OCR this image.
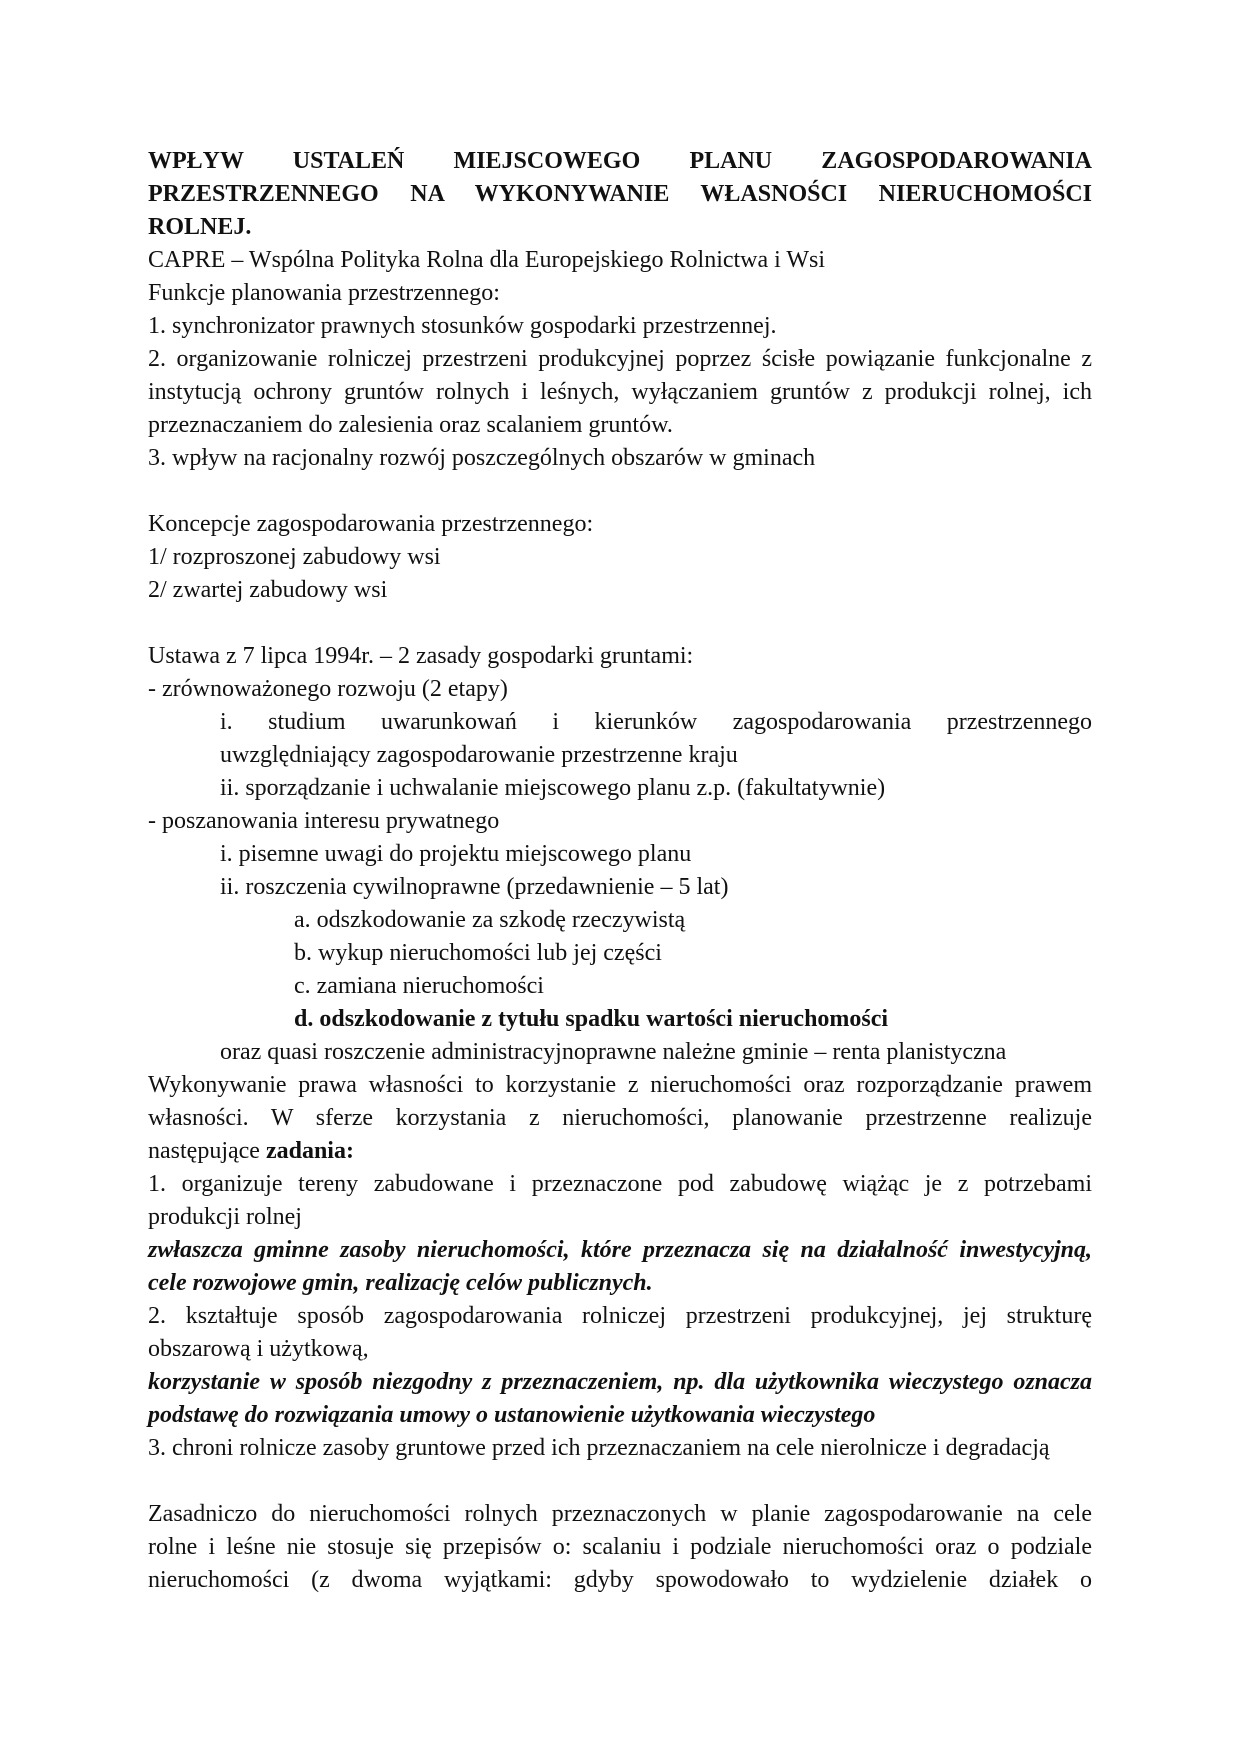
WPŁYW USTALEŃ MIEJSCOWEGO PLANU ZAGOSPODAROWANIA
PRZESTRZENNEGO NA WYKONYWANIE WŁASNOŚCI NIERUCHOMOŚCI
ROLNEJ.
CAPRE – Wspólna Polityka Rolna dla Europejskiego Rolnictwa i Wsi
Funkcje planowania przestrzennego:
1. synchronizator prawnych stosunków gospodarki przestrzennej.
2. organizowanie rolniczej przestrzeni produkcyjnej poprzez ścisłe powiązanie funkcjonalne z
instytucją ochrony gruntów rolnych i leśnych, wyłączaniem gruntów z produkcji rolnej, ich
przeznaczaniem do zalesienia oraz scalaniem gruntów.
3. wpływ na racjonalny rozwój poszczególnych obszarów w gminach
Koncepcje zagospodarowania przestrzennego:
1/ rozproszonej zabudowy wsi
2/ zwartej zabudowy wsi
Ustawa z 7 lipca 1994r. – 2 zasady gospodarki gruntami:
- zrównoważonego rozwoju (2 etapy)
i. studium uwarunkowań i kierunków zagospodarowania przestrzennego
uwzględniający zagospodarowanie przestrzenne kraju
ii. sporządzanie i uchwalanie miejscowego planu z.p. (fakultatywnie)
- poszanowania interesu prywatnego
i. pisemne uwagi do projektu miejscowego planu
ii. roszczenia cywilnoprawne (przedawnienie – 5 lat)
a. odszkodowanie za szkodę rzeczywistą
b. wykup nieruchomości lub jej części
c. zamiana nieruchomości
d. odszkodowanie z tytułu spadku wartości nieruchomości
oraz quasi roszczenie administracyjnoprawne należne gminie – renta planistyczna
Wykonywanie prawa własności to korzystanie z nieruchomości oraz rozporządzanie prawem
własności. W sferze korzystania z nieruchomości, planowanie przestrzenne realizuje
następujące zadania:
1. organizuje tereny zabudowane i przeznaczone pod zabudowę wiążąc je z potrzebami
produkcji rolnej
zwłaszcza gminne zasoby nieruchomości, które przeznacza się na działalność inwestycyjną,
cele rozwojowe gmin, realizację celów publicznych.
2. kształtuje sposób zagospodarowania rolniczej przestrzeni produkcyjnej, jej strukturę
obszarową i użytkową,
korzystanie w sposób niezgodny z przeznaczeniem, np. dla użytkownika wieczystego oznacza
podstawę do rozwiązania umowy o ustanowienie użytkowania wieczystego
3. chroni rolnicze zasoby gruntowe przed ich przeznaczaniem na cele nierolnicze i degradacją
Zasadniczo do nieruchomości rolnych przeznaczonych w planie zagospodarowanie na cele
rolne i leśne nie stosuje się przepisów o: scalaniu i podziale nieruchomości oraz o podziale
nieruchomości (z dwoma wyjątkami: gdyby spowodowało to wydzielenie działek o
